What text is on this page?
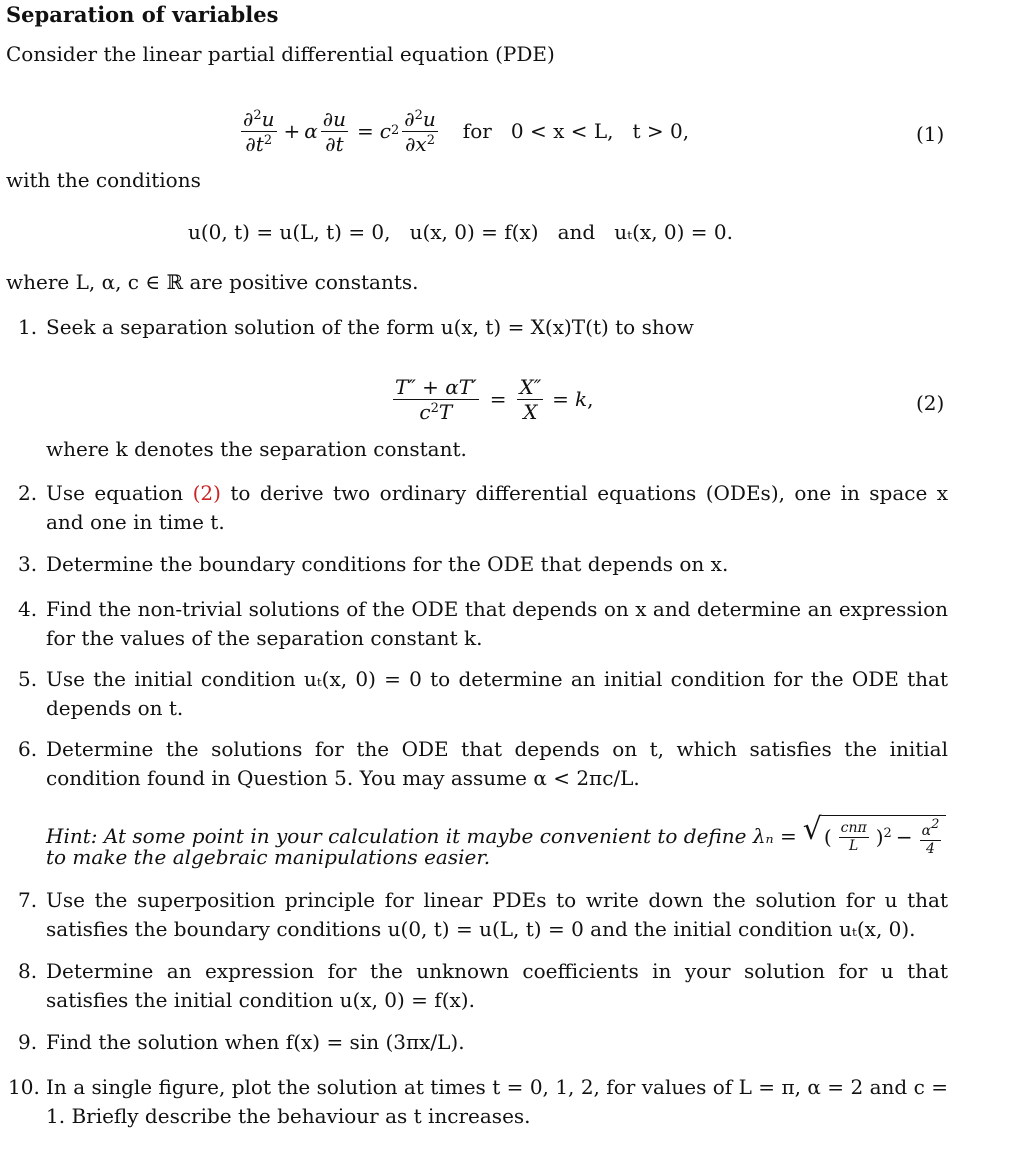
Separation of variables
Consider the linear partial differential equation (PDE)
$\frac{\partial^2u}{\partial t^2} + \alpha \frac{\partial u}{\partial t} = c$ $2 \frac{\partial^2u}{\partial x^2}$ for   0 < x < L,   t > 0,	(1)
with the conditions
u(0, t) = u(L, t) = 0,   u(x, 0) = f(x)   and   uₜ(x, 0) = 0.
where L, α, c ∈ ℝ are positive constants.
1. Seek a separation solution of the form u(x, t) = X(x)T(t) to show
$\frac{T'' + \alpha T'}{c^2T} = \frac{X''}{X} = k$ ,	(2)
where k denotes the separation constant.
2. Use equation (2) to derive two ordinary differential equations (ODEs), one in space x and one in time t.
3. Determine the boundary conditions for the ODE that depends on x.
4. Find the non-trivial solutions of the ODE that depends on x and determine an expression for the values of the separation constant k.
5. Use the initial condition uₜ(x, 0) = 0 to determine an initial condition for the ODE that depends on t.
6. Determine the solutions for the ODE that depends on t, which satisfies the initial condition found in Question 5. You may assume α < 2πc/L.
Hint: At some point in your calculation it maybe convenient to define λₙ = √ ( $\frac{\text{cnπ}}{L} )^2 - \frac{\alpha^2}{4}$
to make the algebraic manipulations easier.
7. Use the superposition principle for linear PDEs to write down the solution for u that satisfies the boundary conditions u(0, t) = u(L, t) = 0 and the initial condition uₜ(x, 0).
8. Determine an expression for the unknown coefficients in your solution for u that satisfies the initial condition u(x, 0) = f(x).
9. Find the solution when f(x) = sin (3πx/L).
10. In a single figure, plot the solution at times t = 0, 1, 2, for values of L = π, α = 2 and c = 1. Briefly describe the behaviour as t increases.
